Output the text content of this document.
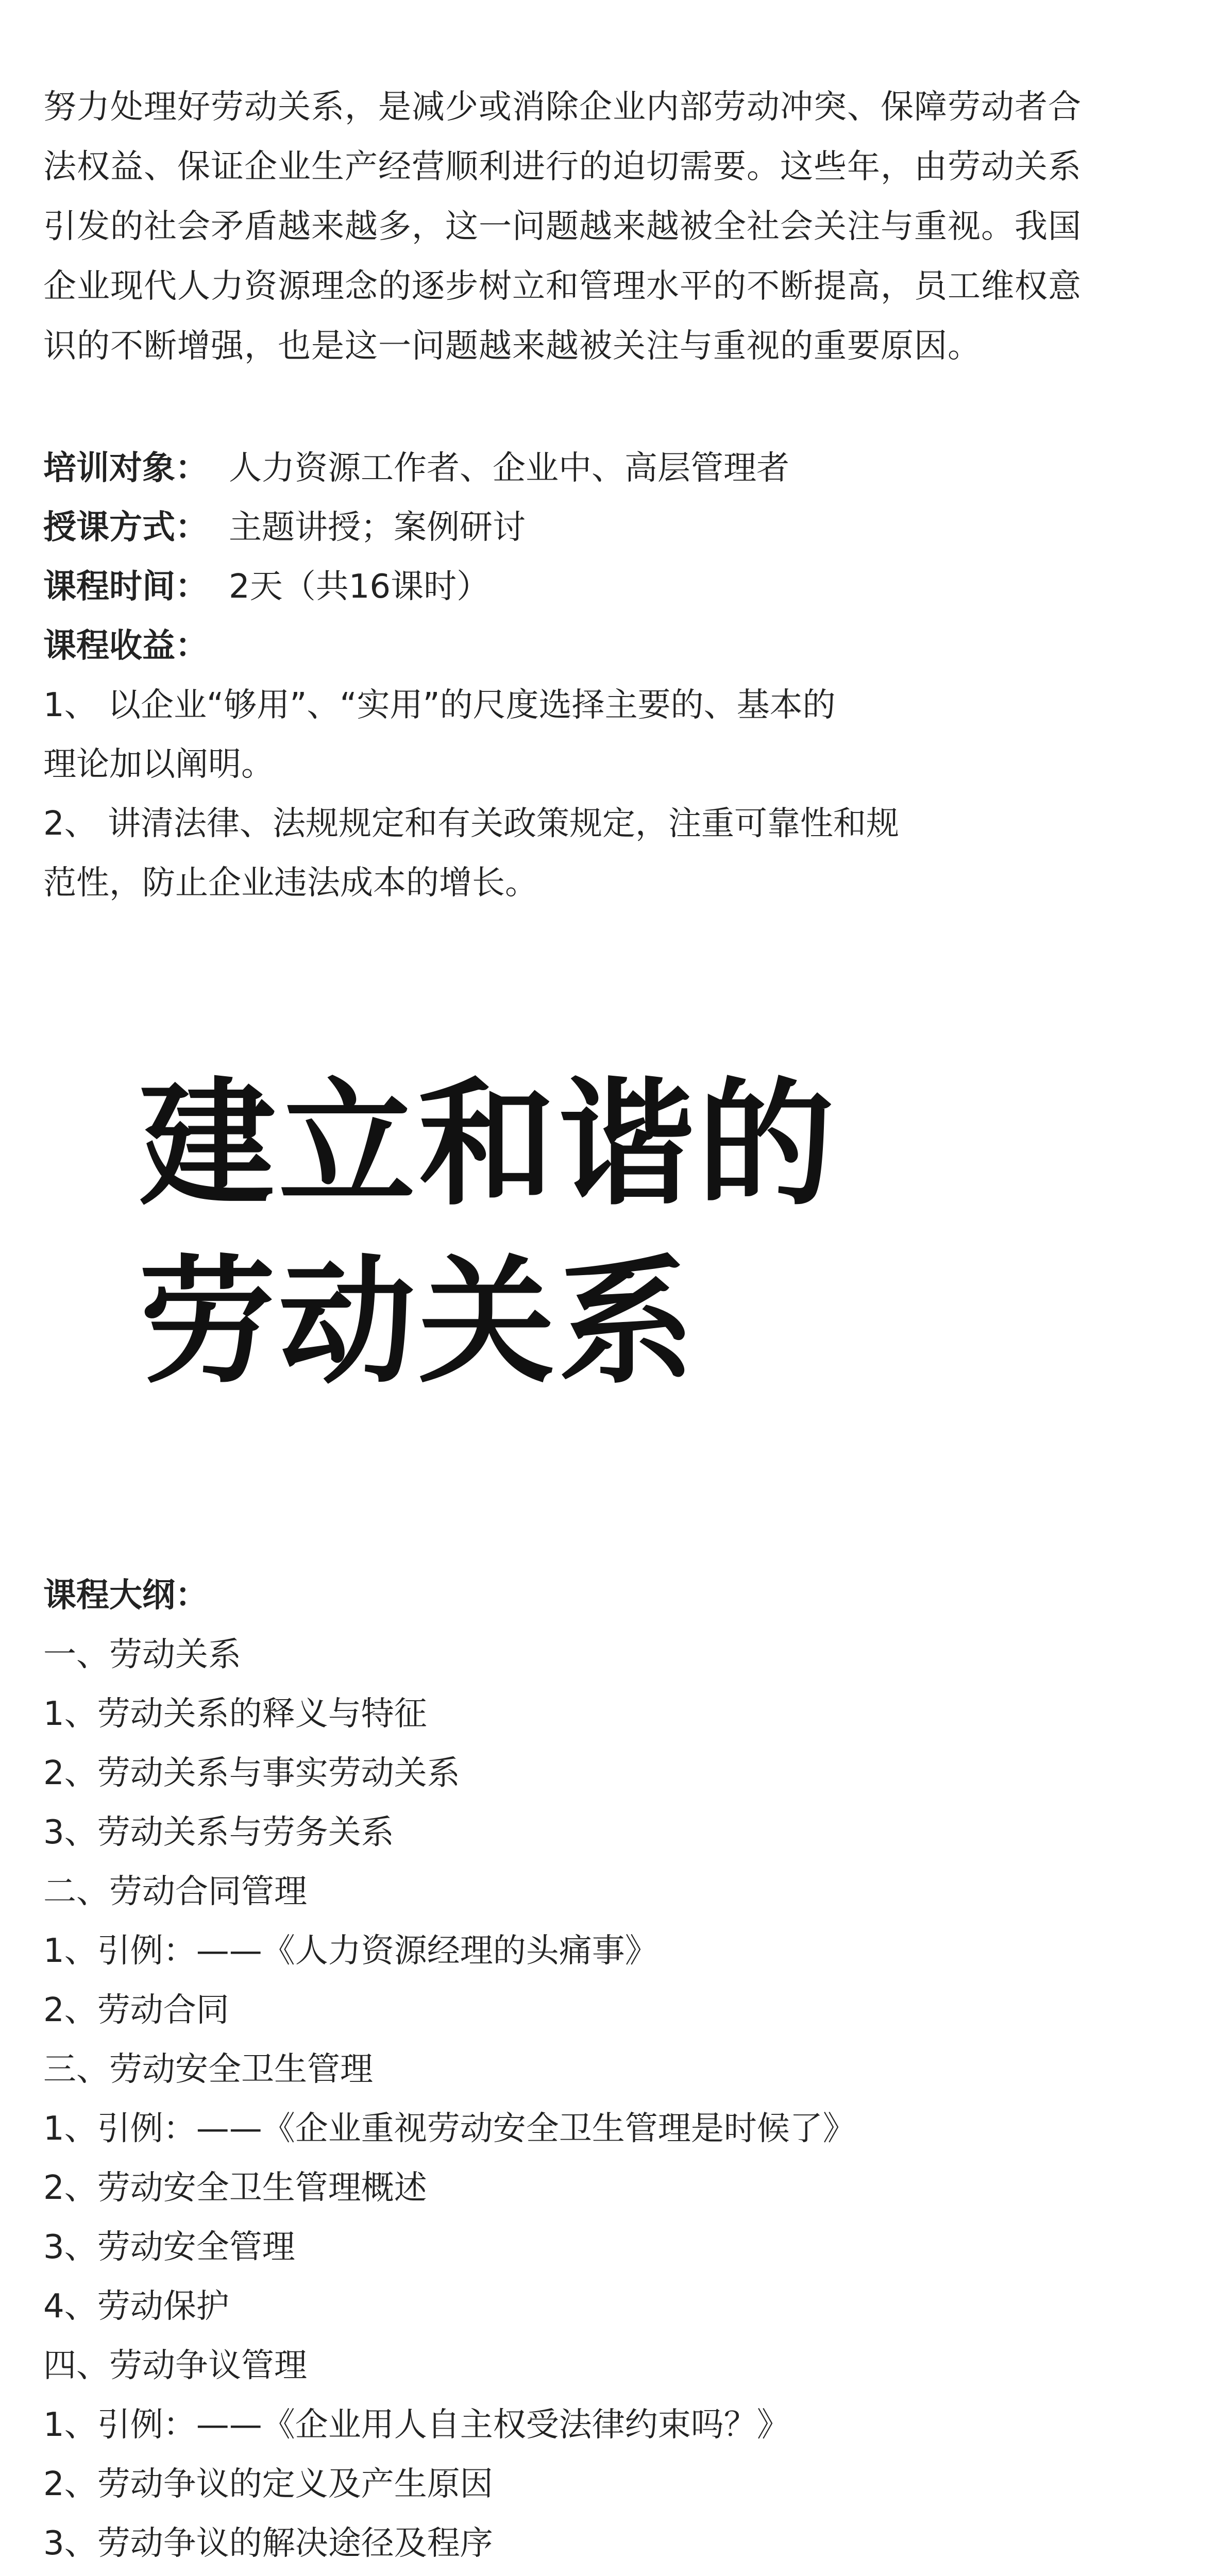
努力处理好劳动关系，是减少或消除企业内部劳动冲突、保障劳动者合
法权益、保证企业生产经营顺利进行的迫切需要。这些年，由劳动关系
引发的社会矛盾越来越多，这一问题越来越被全社会关注与重视。我国
企业现代人力资源理念的逐步树立和管理水平的不断提高，员工维权意
识的不断增强，也是这一问题越来越被关注与重视的重要原因。
培训对象： 人力资源工作者、企业中、高层管理者
授课方式： 主题讲授；案例研讨
课程时间： 2天（共16课时）
课程收益：
1、 以企业“够用”、“实用”的尺度选择主要的、基本的
理论加以阐明。
2、 讲清法律、法规规定和有关政策规定，注重可靠性和规
范性，防止企业违法成本的增长。
建立和谐的
劳动关系
课程大纲：
一、劳动关系
1、劳动关系的释义与特征
2、劳动关系与事实劳动关系
3、劳动关系与劳务关系
二、劳动合同管理
1、引例：——《人力资源经理的头痛事》
2、劳动合同
三、劳动安全卫生管理
1、引例：——《企业重视劳动安全卫生管理是时候了》
2、劳动安全卫生管理概述
3、劳动安全管理
4、劳动保护
四、劳动争议管理
1、引例：——《企业用人自主权受法律约束吗？》
2、劳动争议的定义及产生原因
3、劳动争议的解决途径及程序
